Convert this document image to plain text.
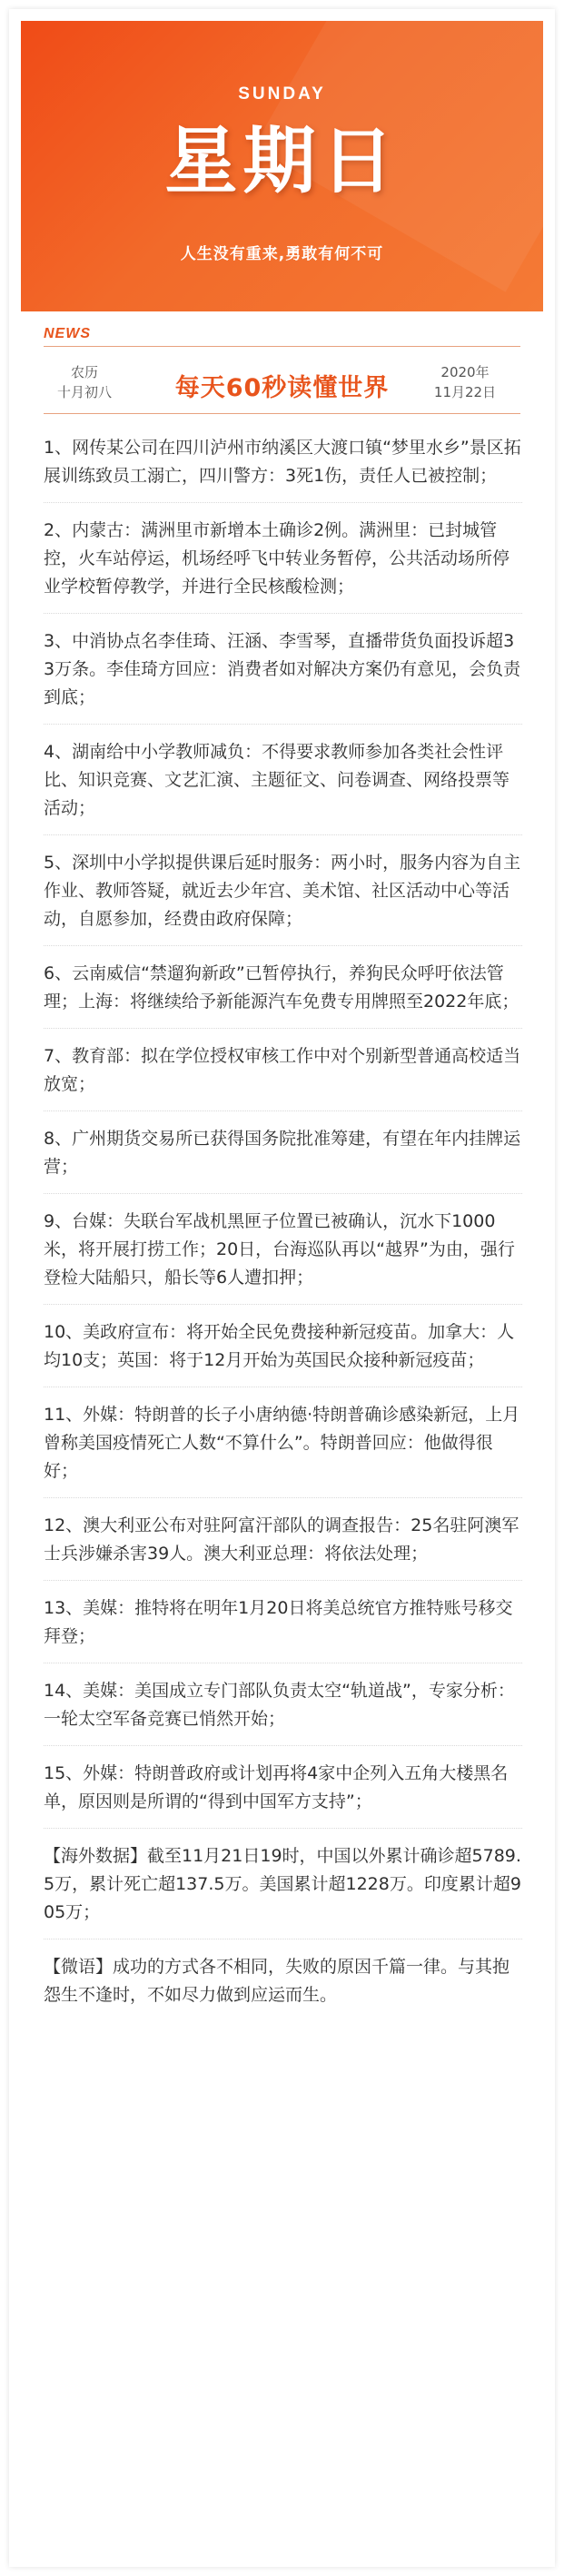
SUNDAY
星期日
人生没有重来,勇敢有何不可
NEWS
农历
十月初八	每天60秒读懂世界
2020年
11月22日
1、网传某公司在四川泸州市纳溪区大渡口镇“梦里水乡”景区拓展训练致员工溺亡，四川警方：3死1伤，责任人已被控制；
2、内蒙古：满洲里市新增本土确诊2例。满洲里：已封城管控，火车站停运，机场经呼飞中转业务暂停，公共活动场所停业学校暂停教学，并进行全民核酸检测；
3、中消协点名李佳琦、汪涵、李雪琴，直播带货负面投诉超33万条。李佳琦方回应：消费者如对解决方案仍有意见，会负责到底；
4、湖南给中小学教师减负：不得要求教师参加各类社会性评比、知识竞赛、文艺汇演、主题征文、问卷调查、网络投票等活动；
5、深圳中小学拟提供课后延时服务：两小时，服务内容为自主作业、教师答疑，就近去少年宫、美术馆、社区活动中心等活动，自愿参加，经费由政府保障；
6、云南威信“禁遛狗新政”已暂停执行，养狗民众呼吁依法管理；上海：将继续给予新能源汽车免费专用牌照至2022年底；
7、教育部：拟在学位授权审核工作中对个别新型普通高校适当放宽；
8、广州期货交易所已获得国务院批准筹建，有望在年内挂牌运营；
9、台媒：失联台军战机黑匣子位置已被确认，沉水下1000米，将开展打捞工作；20日，台海巡队再以“越界”为由，强行登检大陆船只，船长等6人遭扣押；
10、美政府宣布：将开始全民免费接种新冠疫苗。加拿大：人均10支；英国：将于12月开始为英国民众接种新冠疫苗；
11、外媒：特朗普的长子小唐纳德·特朗普确诊感染新冠，上月曾称美国疫情死亡人数“不算什么”。特朗普回应：他做得很好；
12、澳大利亚公布对驻阿富汗部队的调查报告：25名驻阿澳军士兵涉嫌杀害39人。澳大利亚总理：将依法处理；
13、美媒：推特将在明年1月20日将美总统官方推特账号移交拜登；
14、美媒：美国成立专门部队负责太空“轨道战”，专家分析：一轮太空军备竞赛已悄然开始；
15、外媒：特朗普政府或计划再将4家中企列入五角大楼黑名单，原因则是所谓的“得到中国军方支持”；
【海外数据】截至11月21日19时，中国以外累计确诊超5789.5万，累计死亡超137.5万。美国累计超1228万。印度累计超905万；
【微语】成功的方式各不相同，失败的原因千篇一律。与其抱怨生不逢时，不如尽力做到应运而生。
